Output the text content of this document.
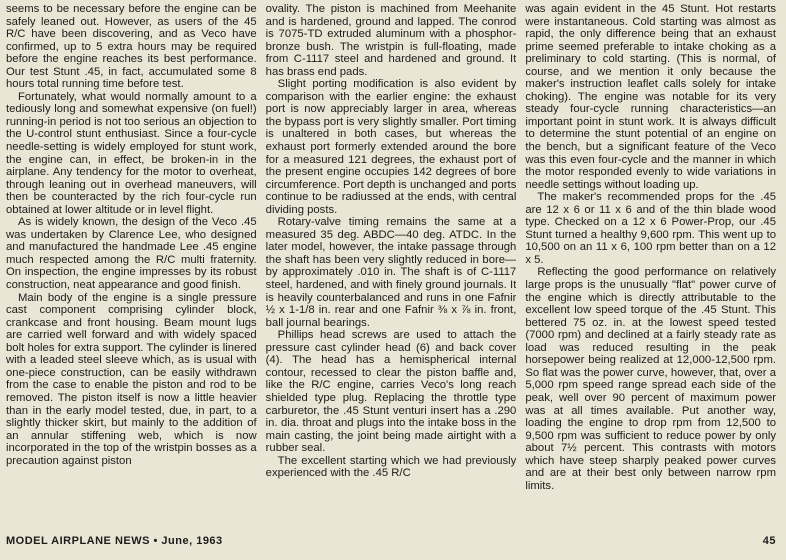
seems to be necessary before the engine can be safely leaned out. However, as users of the 45 R/C have been discovering, and as Veco have confirmed, up to 5 extra hours may be required before the engine reaches its best performance. Our test Stunt .45, in fact, accumulated some 8 hours total running time before test.

Fortunately, what would normally amount to a tediously long and somewhat expensive (on fuel!) running-in period is not too serious an objection to the U-control stunt enthusiast. Since a four-cycle needle-setting is widely employed for stunt work, the engine can, in effect, be broken-in in the airplane. Any tendency for the motor to overheat, through leaning out in overhead maneuvers, will then be counteracted by the rich four-cycle run obtained at lower altitude or in level flight.

As is widely known, the design of the Veco .45 was undertaken by Clarence Lee, who designed and manufactured the handmade Lee .45 engine much respected among the R/C multi fraternity. On inspection, the engine impresses by its robust construction, neat appearance and good finish.

Main body of the engine is a single pressure cast component comprising cylinder block, crankcase and front housing. Beam mount lugs are carried well forward and with widely spaced bolt holes for extra support. The cylinder is linered with a leaded steel sleeve which, as is usual with one-piece construction, can be easily withdrawn from the case to enable the piston and rod to be removed. The piston itself is now a little heavier than in the early model tested, due, in part, to a slightly thicker skirt, but mainly to the addition of an annular stiffening web, which is now incorporated in the top of the wristpin bosses as a precaution against piston

ovality. The piston is machined from Meehanite and is hardened, ground and lapped. The conrod is 7075-TD extruded aluminum with a phosphor-bronze bush. The wristpin is full-floating, made from C-1117 steel and hardened and ground. It has brass end pads.

Slight porting modification is also evident by comparison with the earlier engine: the exhaust port is now appreciably larger in area, whereas the bypass port is very slightly smaller. Port timing is unaltered in both cases, but whereas the exhaust port formerly extended around the bore for a measured 121 degrees, the exhaust port of the present engine occupies 142 degrees of bore circumference. Port depth is unchanged and ports continue to be radiussed at the ends, with central dividing posts.

Rotary-valve timing remains the same at a measured 35 deg. ABDC—40 deg. ATDC. In the later model, however, the intake passage through the shaft has been very slightly reduced in bore—by approximately .010 in. The shaft is of C-1117 steel, hardened, and with finely ground journals. It is heavily counterbalanced and runs in one Fafnir ½ x 1-1/8 in. rear and one Fafnir ⅜ x ⅞ in. front, ball journal bearings.

Phillips head screws are used to attach the pressure cast cylinder head (6) and back cover (4). The head has a hemispherical internal contour, recessed to clear the piston baffle and, like the R/C engine, carries Veco's long reach shielded type plug. Replacing the throttle type carburetor, the .45 Stunt venturi insert has a .290 in. dia. throat and plugs into the intake boss in the main casting, the joint being made airtight with a rubber seal.

The excellent starting which we had previously experienced with the .45 R/C

was again evident in the 45 Stunt. Hot restarts were instantaneous. Cold starting was almost as rapid, the only difference being that an exhaust prime seemed preferable to intake choking as a preliminary to cold starting. (This is normal, of course, and we mention it only because the maker's instruction leaflet calls solely for intake choking). The engine was notable for its very steady four-cycle running characteristics—an important point in stunt work. It is always difficult to determine the stunt potential of an engine on the bench, but a significant feature of the Veco was this even four-cycle and the manner in which the motor responded evenly to wide variations in needle settings without loading up.

The maker's recommended props for the .45 are 12 x 6 or 11 x 6 and of the thin blade wood type. Checked on a 12 x 6 Power-Prop, our .45 Stunt turned a healthy 9,600 rpm. This went up to 10,500 on an 11 x 6, 100 rpm better than on a 12 x 5.

Reflecting the good performance on relatively large props is the unusually "flat" power curve of the engine which is directly attributable to the excellent low speed torque of the .45 Stunt. This bettered 75 oz. in. at the lowest speed tested (7000 rpm) and declined at a fairly steady rate as load was reduced resulting in the peak horsepower being realized at 12,000-12,500 rpm. So flat was the power curve, however, that, over a 5,000 rpm speed range spread each side of the peak, well over 90 percent of maximum power was at all times available. Put another way, loading the engine to drop rpm from 12,500 to 9,500 rpm was sufficient to reduce power by only about 7½ percent. This contrasts with motors which have steep sharply peaked power curves and are at their best only between narrow rpm limits.

MODEL AIRPLANE NEWS • June, 1963	45
